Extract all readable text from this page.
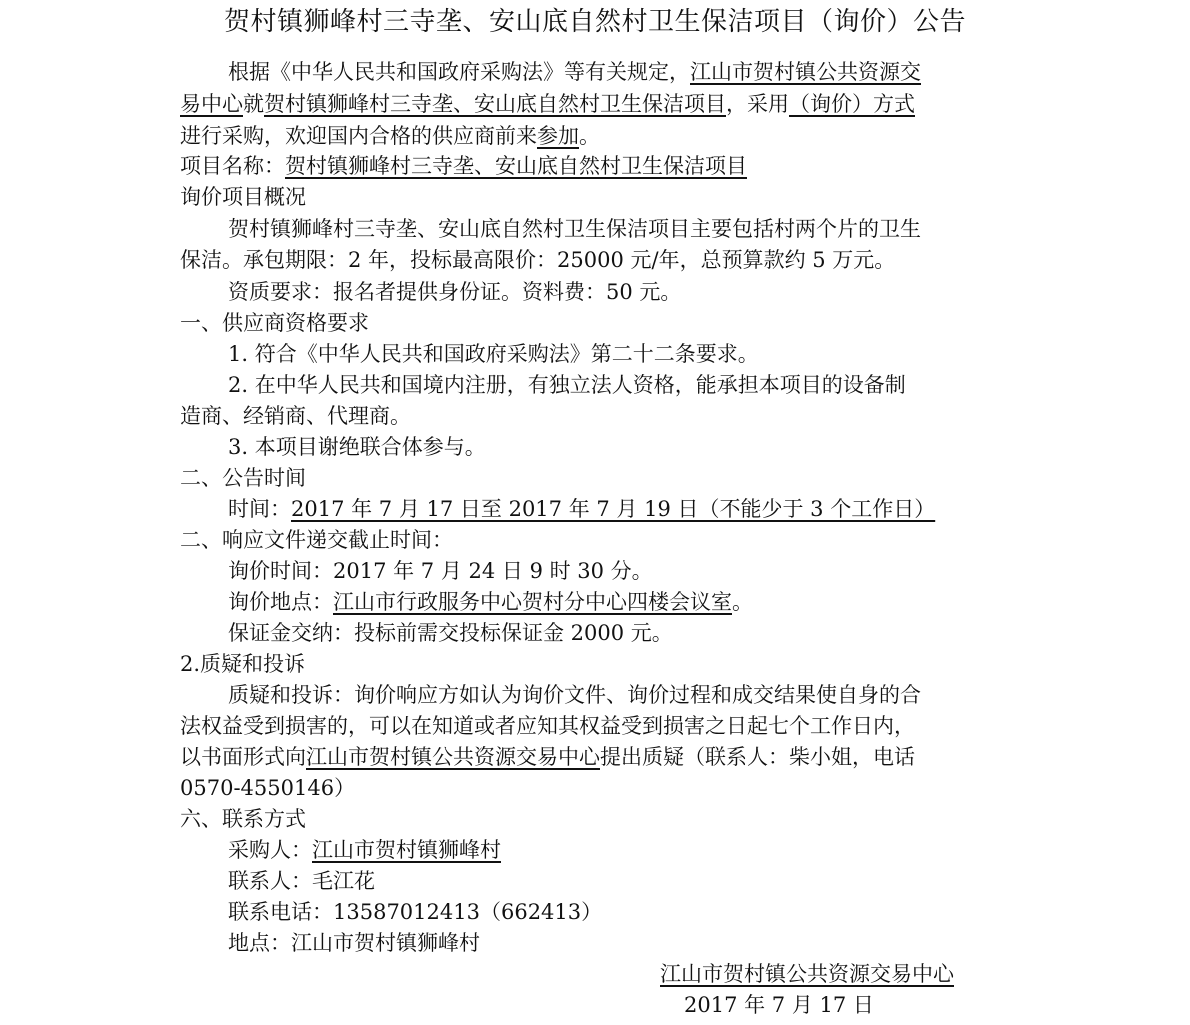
贺村镇狮峰村三寺垄、安山底自然村卫生保洁项目（询价）公告
根据《中华人民共和国政府采购法》等有关规定，江山市贺村镇公共资源交
易中心就贺村镇狮峰村三寺垄、安山底自然村卫生保洁项目，采用（询价）方式
进行采购，欢迎国内合格的供应商前来参加。
项目名称：贺村镇狮峰村三寺垄、安山底自然村卫生保洁项目
询价项目概况
贺村镇狮峰村三寺垄、安山底自然村卫生保洁项目主要包括村两个片的卫生
保洁。承包期限：2 年，投标最高限价：25000 元/年，总预算款约 5 万元。
资质要求：报名者提供身份证。资料费：50 元。
一、供应商资格要求
1. 符合《中华人民共和国政府采购法》第二十二条要求。
2. 在中华人民共和国境内注册，有独立法人资格，能承担本项目的设备制
造商、经销商、代理商。
3. 本项目谢绝联合体参与。
二、公告时间
时间：2017 年 7 月 17 日至 2017 年 7 月 19 日（不能少于 3 个工作日）
二、响应文件递交截止时间：
询价时间：2017 年 7 月 24 日 9 时 30 分。
询价地点：江山市行政服务中心贺村分中心四楼会议室。
保证金交纳：投标前需交投标保证金 2000 元。
2.质疑和投诉
质疑和投诉：询价响应方如认为询价文件、询价过程和成交结果使自身的合
法权益受到损害的，可以在知道或者应知其权益受到损害之日起七个工作日内，
以书面形式向江山市贺村镇公共资源交易中心提出质疑（联系人：柴小姐，电话
0570-4550146）
六、联系方式
采购人：江山市贺村镇狮峰村
联系人：毛江花
联系电话：13587012413（662413）
地点：江山市贺村镇狮峰村
江山市贺村镇公共资源交易中心
2017 年 7 月 17 日
